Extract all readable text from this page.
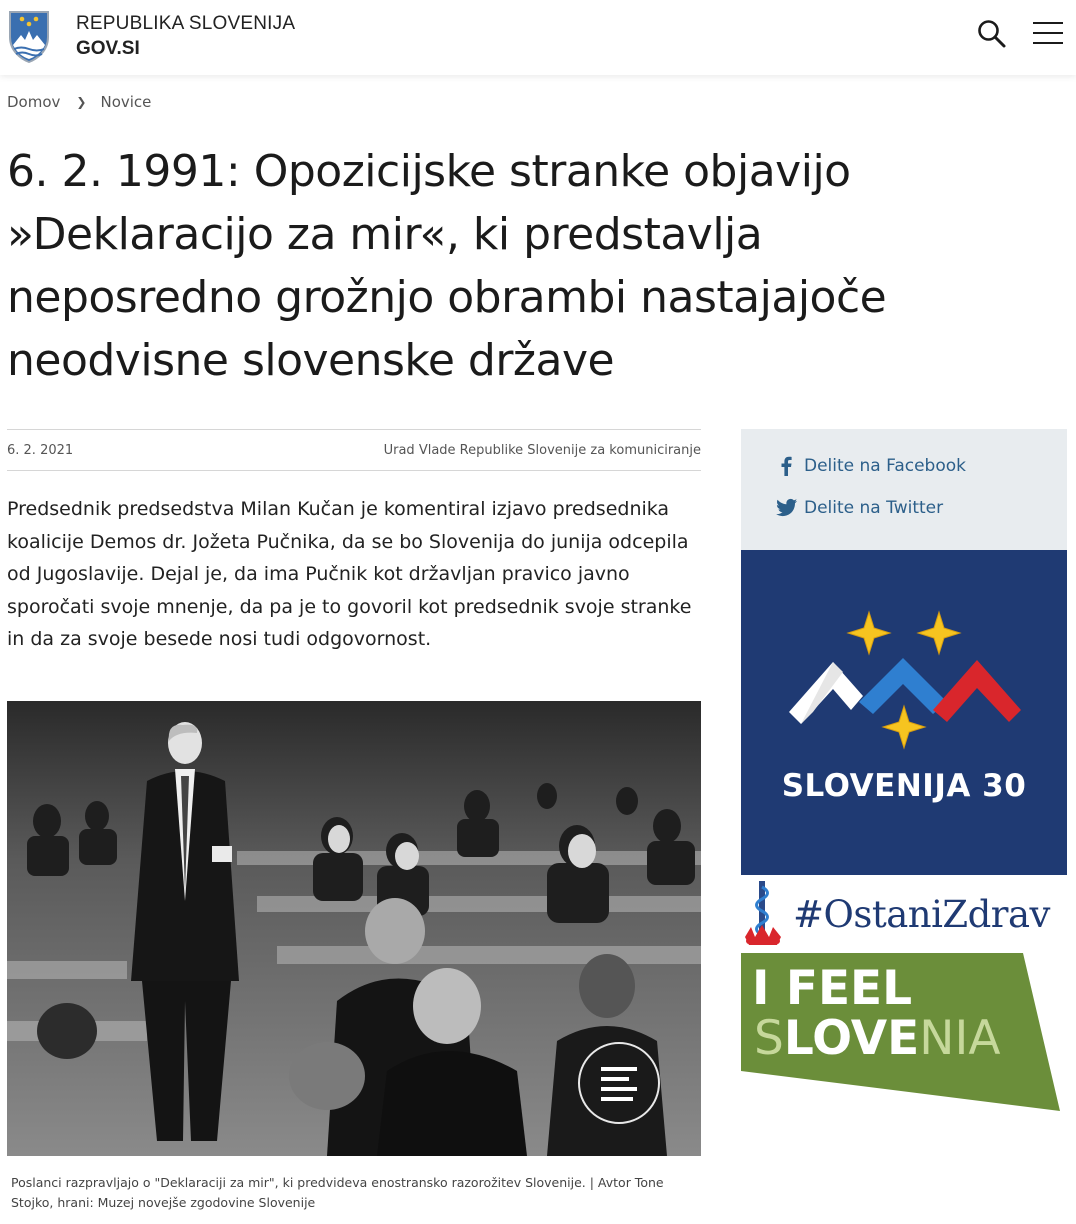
REPUBLIKA SLOVENIJA
GOV.SI
Domov ❯ Novice
6. 2. 1991: Opozicijske stranke objavijo »Deklaracijo za mir«, ki predstavlja neposredno grožnjo obrambi nastajajoče neodvisne slovenske države
6. 2. 2021	Urad Vlade Republike Slovenije za komuniciranje

Predsednik predsedstva Milan Kučan je komentiral izjavo predsednika koalicije Demos dr. Jožeta Pučnika, da se bo Slovenija do junija odcepila od Jugoslavije. Dejal je, da ima Pučnik kot državljan pravico javno sporočati svoje mnenje, da pa je to govoril kot predsednik svoje stranke in da za svoje besede nosi tudi odgovornost.

Poslanci razpravljajo o "Deklaraciji za mir", ki predvideva enostransko razorožitev Slovenije. | Avtor Tone Stojko, hrani: Muzej novejše zgodovine Slovenije
Delite na Facebook
Delite na Twitter
SLOVENIJA 30
#OstaniZdrav
I FEEL
SLOVENIA
